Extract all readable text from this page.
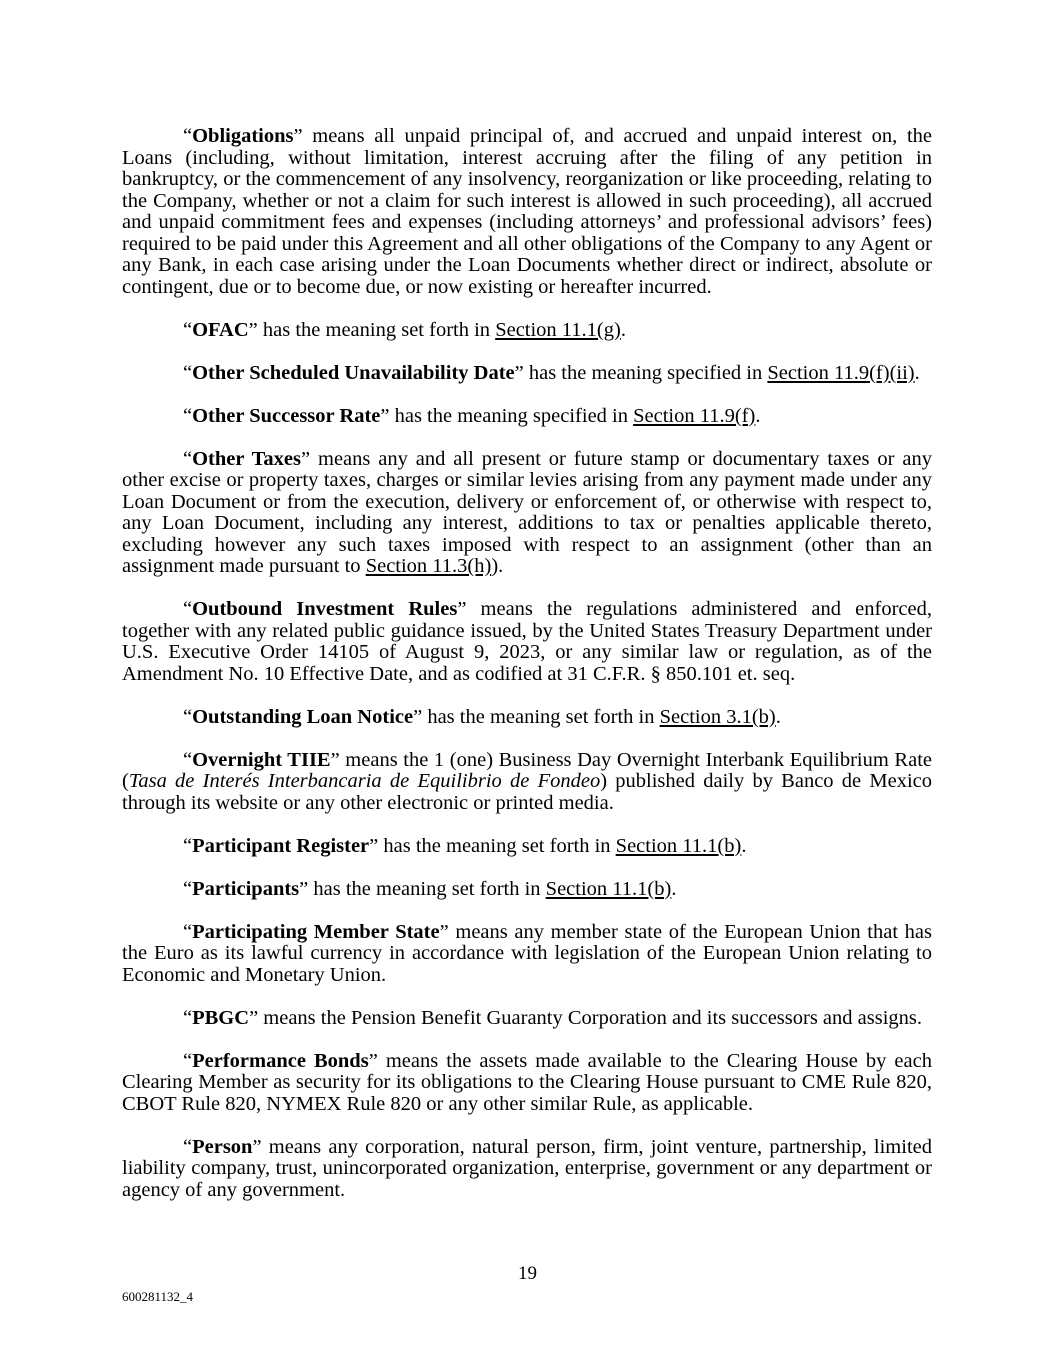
“Obligations” means all unpaid principal of, and accrued and unpaid interest on, the Loans (including, without limitation, interest accruing after the filing of any petition in bankruptcy, or the commencement of any insolvency, reorganization or like proceeding, relating to the Company, whether or not a claim for such interest is allowed in such proceeding), all accrued and unpaid commitment fees and expenses (including attorneys’ and professional advisors’ fees) required to be paid under this Agreement and all other obligations of the Company to any Agent or any Bank, in each case arising under the Loan Documents whether direct or indirect, absolute or contingent, due or to become due, or now existing or hereafter incurred.

“OFAC” has the meaning set forth in Section 11.1(g).

“Other Scheduled Unavailability Date” has the meaning specified in Section 11.9(f)(ii).

“Other Successor Rate” has the meaning specified in Section 11.9(f).

“Other Taxes” means any and all present or future stamp or documentary taxes or any other excise or property taxes, charges or similar levies arising from any payment made under any Loan Document or from the execution, delivery or enforcement of, or otherwise with respect to, any Loan Document, including any interest, additions to tax or penalties applicable thereto, excluding however any such taxes imposed with respect to an assignment (other than an assignment made pursuant to Section 11.3(h)).

“Outbound Investment Rules” means the regulations administered and enforced, together with any related public guidance issued, by the United States Treasury Department under U.S. Executive Order 14105 of August 9, 2023, or any similar law or regulation, as of the Amendment No. 10 Effective Date, and as codified at 31 C.F.R. § 850.101 et. seq.

“Outstanding Loan Notice” has the meaning set forth in Section 3.1(b).

“Overnight TIIE” means the 1 (one) Business Day Overnight Interbank Equilibrium Rate (Tasa de Interés Interbancaria de Equilibrio de Fondeo) published daily by Banco de Mexico through its website or any other electronic or printed media.

“Participant Register” has the meaning set forth in Section 11.1(b).

“Participants” has the meaning set forth in Section 11.1(b).

“Participating Member State” means any member state of the European Union that has the Euro as its lawful currency in accordance with legislation of the European Union relating to Economic and Monetary Union.

“PBGC” means the Pension Benefit Guaranty Corporation and its successors and assigns.

“Performance Bonds” means the assets made available to the Clearing House by each Clearing Member as security for its obligations to the Clearing House pursuant to CME Rule 820, CBOT Rule 820, NYMEX Rule 820 or any other similar Rule, as applicable.

“Person” means any corporation, natural person, firm, joint venture, partnership, limited liability company, trust, unincorporated organization, enterprise, government or any department or agency of any government.

19
600281132_4
